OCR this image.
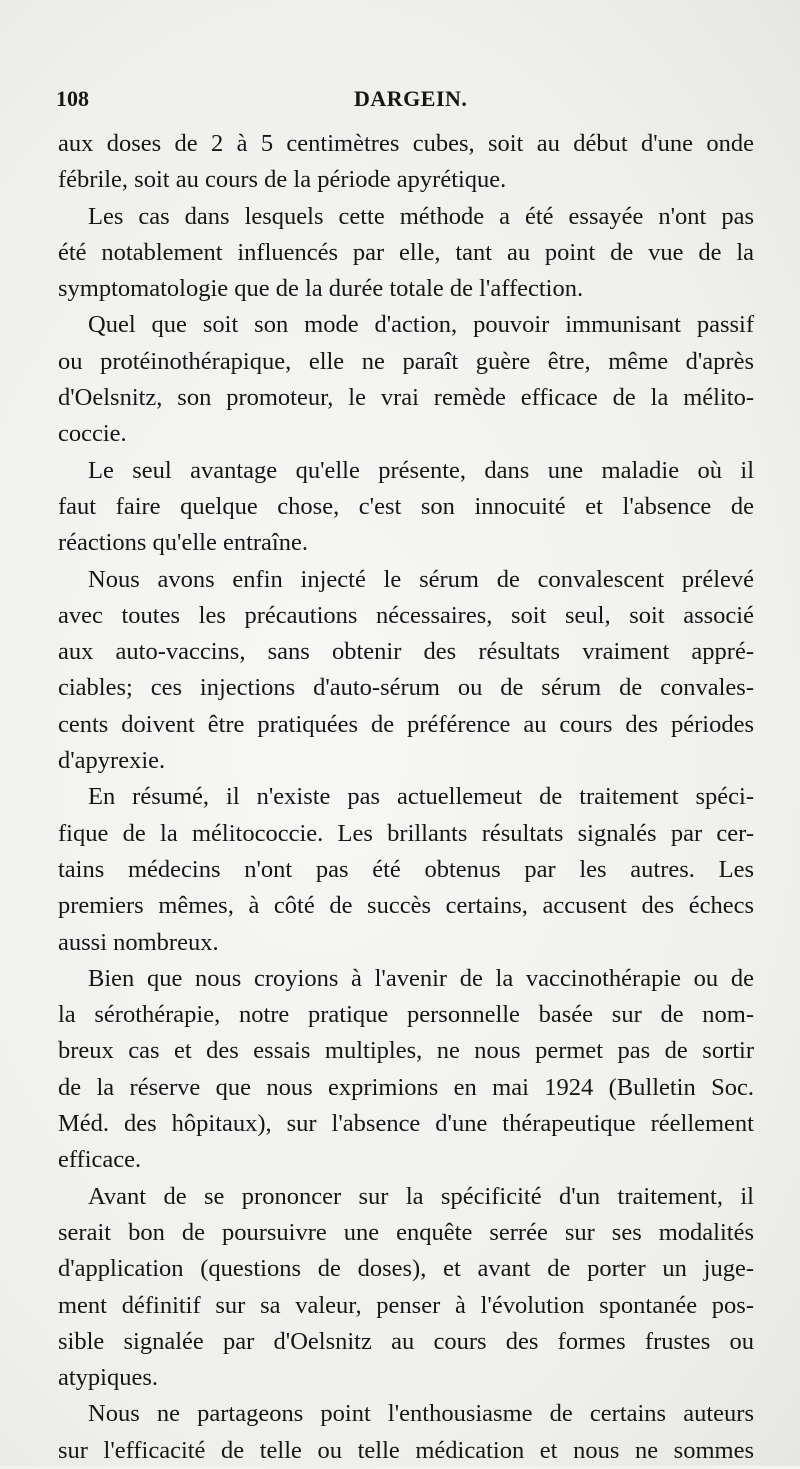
108	DARGEIN.
aux doses de 2 à 5 centimètres cubes, soit au début d'une onde
fébrile, soit au cours de la période apyrétique.
Les cas dans lesquels cette méthode a été essayée n'ont pas
été notablement influencés par elle, tant au point de vue de la
symptomatologie que de la durée totale de l'affection.
Quel que soit son mode d'action, pouvoir immunisant passif
ou protéinothérapique, elle ne paraît guère être, même d'après
d'Oelsnitz, son promoteur, le vrai remède efficace de la mélito-
coccie.
Le seul avantage qu'elle présente, dans une maladie où il
faut faire quelque chose, c'est son innocuité et l'absence de
réactions qu'elle entraîne.
Nous avons enfin injecté le sérum de convalescent prélevé
avec toutes les précautions nécessaires, soit seul, soit associé
aux auto-vaccins, sans obtenir des résultats vraiment appré-
ciables; ces injections d'auto-sérum ou de sérum de convales-
cents doivent être pratiquées de préférence au cours des périodes
d'apyrexie.
En résumé, il n'existe pas actuellemeut de traitement spéci-
fique de la mélitococcie. Les brillants résultats signalés par cer-
tains médecins n'ont pas été obtenus par les autres. Les
premiers mêmes, à côté de succès certains, accusent des échecs
aussi nombreux.
Bien que nous croyions à l'avenir de la vaccinothérapie ou de
la sérothérapie, notre pratique personnelle basée sur de nom-
breux cas et des essais multiples, ne nous permet pas de sortir
de la réserve que nous exprimions en mai 1924 (Bulletin Soc.
Méd. des hôpitaux), sur l'absence d'une thérapeutique réellement
efficace.
Avant de se prononcer sur la spécificité d'un traitement, il
serait bon de poursuivre une enquête serrée sur ses modalités
d'application (questions de doses), et avant de porter un juge-
ment définitif sur sa valeur, penser à l'évolution spontanée pos-
sible signalée par d'Oelsnitz au cours des formes frustes ou
atypiques.
Nous ne partageons point l'enthousiasme de certains auteurs
sur l'efficacité de telle ou telle médication et nous ne sommes
